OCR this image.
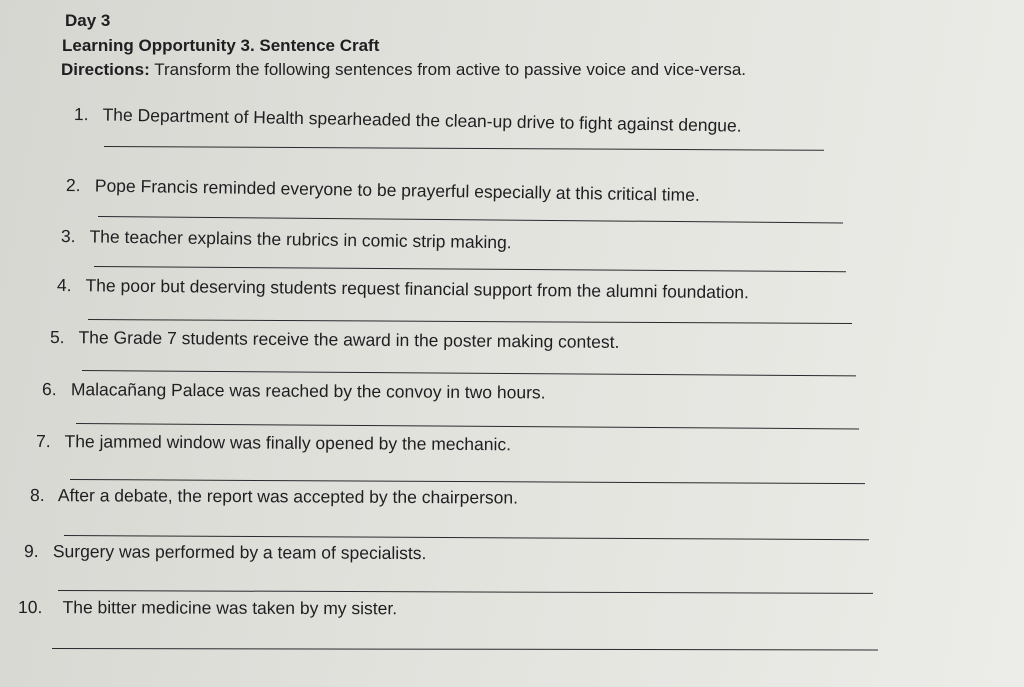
Day 3
Learning Opportunity 3. Sentence Craft
Directions: Transform the following sentences from active to passive voice and vice-versa.
1. The Department of Health spearheaded the clean-up drive to fight against dengue.
2. Pope Francis reminded everyone to be prayerful especially at this critical time.
3. The teacher explains the rubrics in comic strip making.
4. The poor but deserving students request financial support from the alumni foundation.
5. The Grade 7 students receive the award in the poster making contest.
6. Malacañang Palace was reached by the convoy in two hours.
7. The jammed window was finally opened by the mechanic.
8. After a debate, the report was accepted by the chairperson.
9. Surgery was performed by a team of specialists.
10. The bitter medicine was taken by my sister.
